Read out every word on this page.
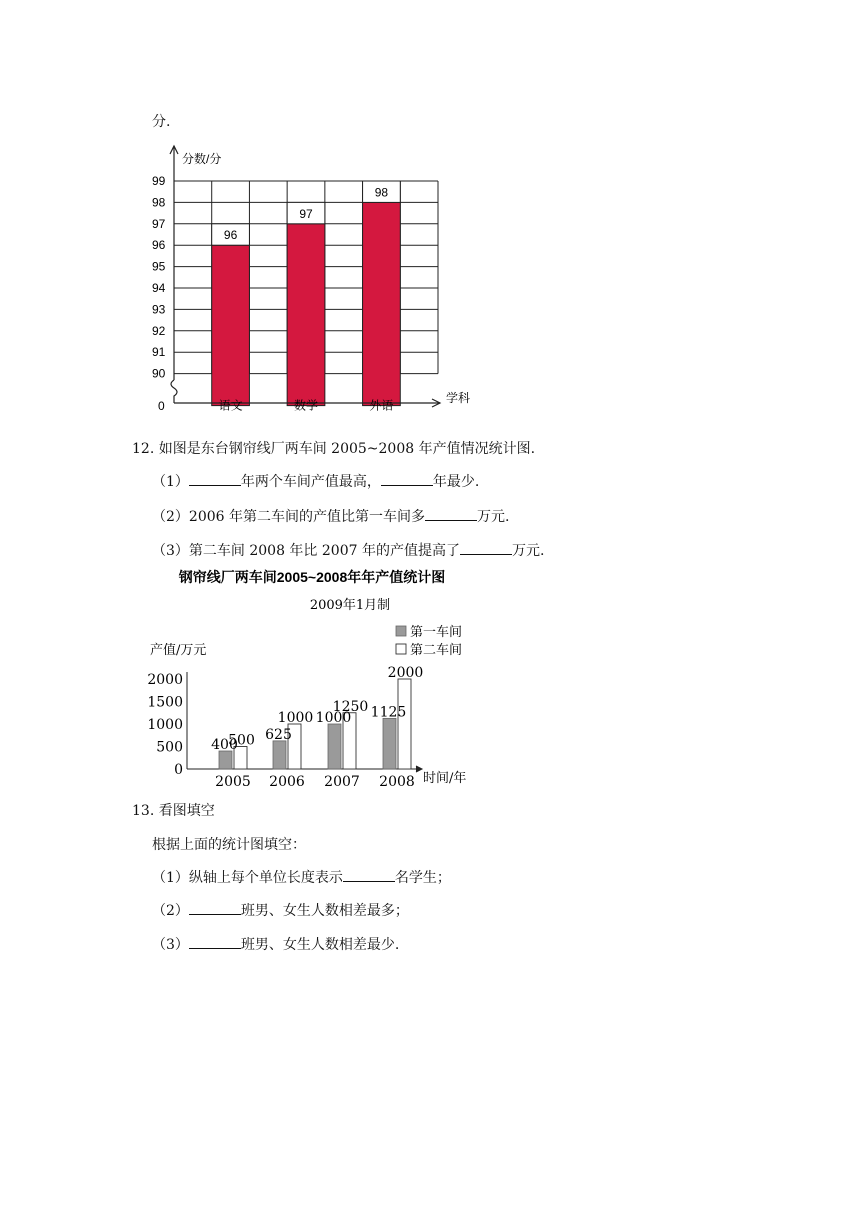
分.
96
97
98
分数/分
学科
0
90
91
92
93
94
95
96
97
98
99
语文	数学	外语
12. 如图是东台钢帘线厂两车间 2005~2008 年产值情况统计图.
（1）	年两个车间产值最高，	年最少.
（2）2006 年第二车间的产值比第一车间多	万元.
（3）第二车间 2008 年比 2007 年的产值提高了	万元.
钢帘线厂两车间2005~2008年年产值统计图
2009年1月制
产值/万元
时间/年
第一车间
第二车间
0
500
1000
1500
2000
2005 2006 2007 2008
400
500 625
1000 1000
1250 1125
2000
13. 看图填空
根据上面的统计图填空：
（1）纵轴上每个单位长度表示	名学生；
（2）	班男、女生人数相差最多；
（3）	班男、女生人数相差最少.
